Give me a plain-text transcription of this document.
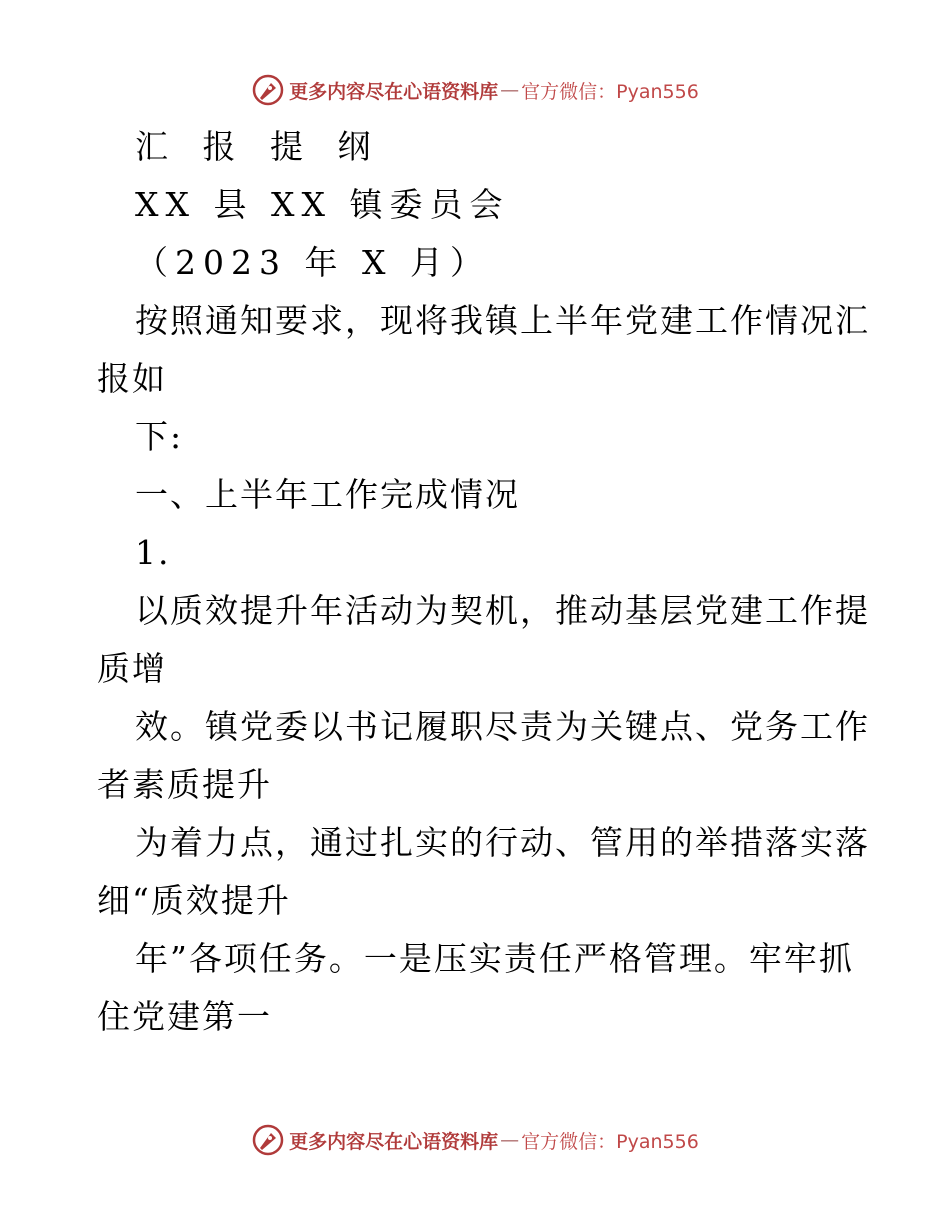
更多内容尽在心语资料库 — 官方微信：Pyan556
汇 报 提 纲
XX 县 XX 镇委员会
（2023 年 X 月）
按照通知要求，现将我镇上半年党建工作情况汇
报如
下:
一、上半年工作完成情况
1.
以质效提升年活动为契机，推动基层党建工作提
质增
效。镇党委以书记履职尽责为关键点、党务工作
者素质提升
为着力点，通过扎实的行动、管用的举措落实落
细“质效提升
年”各项任务。一是压实责任严格管理。牢牢抓
住党建第一
更多内容尽在心语资料库 — 官方微信：Pyan556
